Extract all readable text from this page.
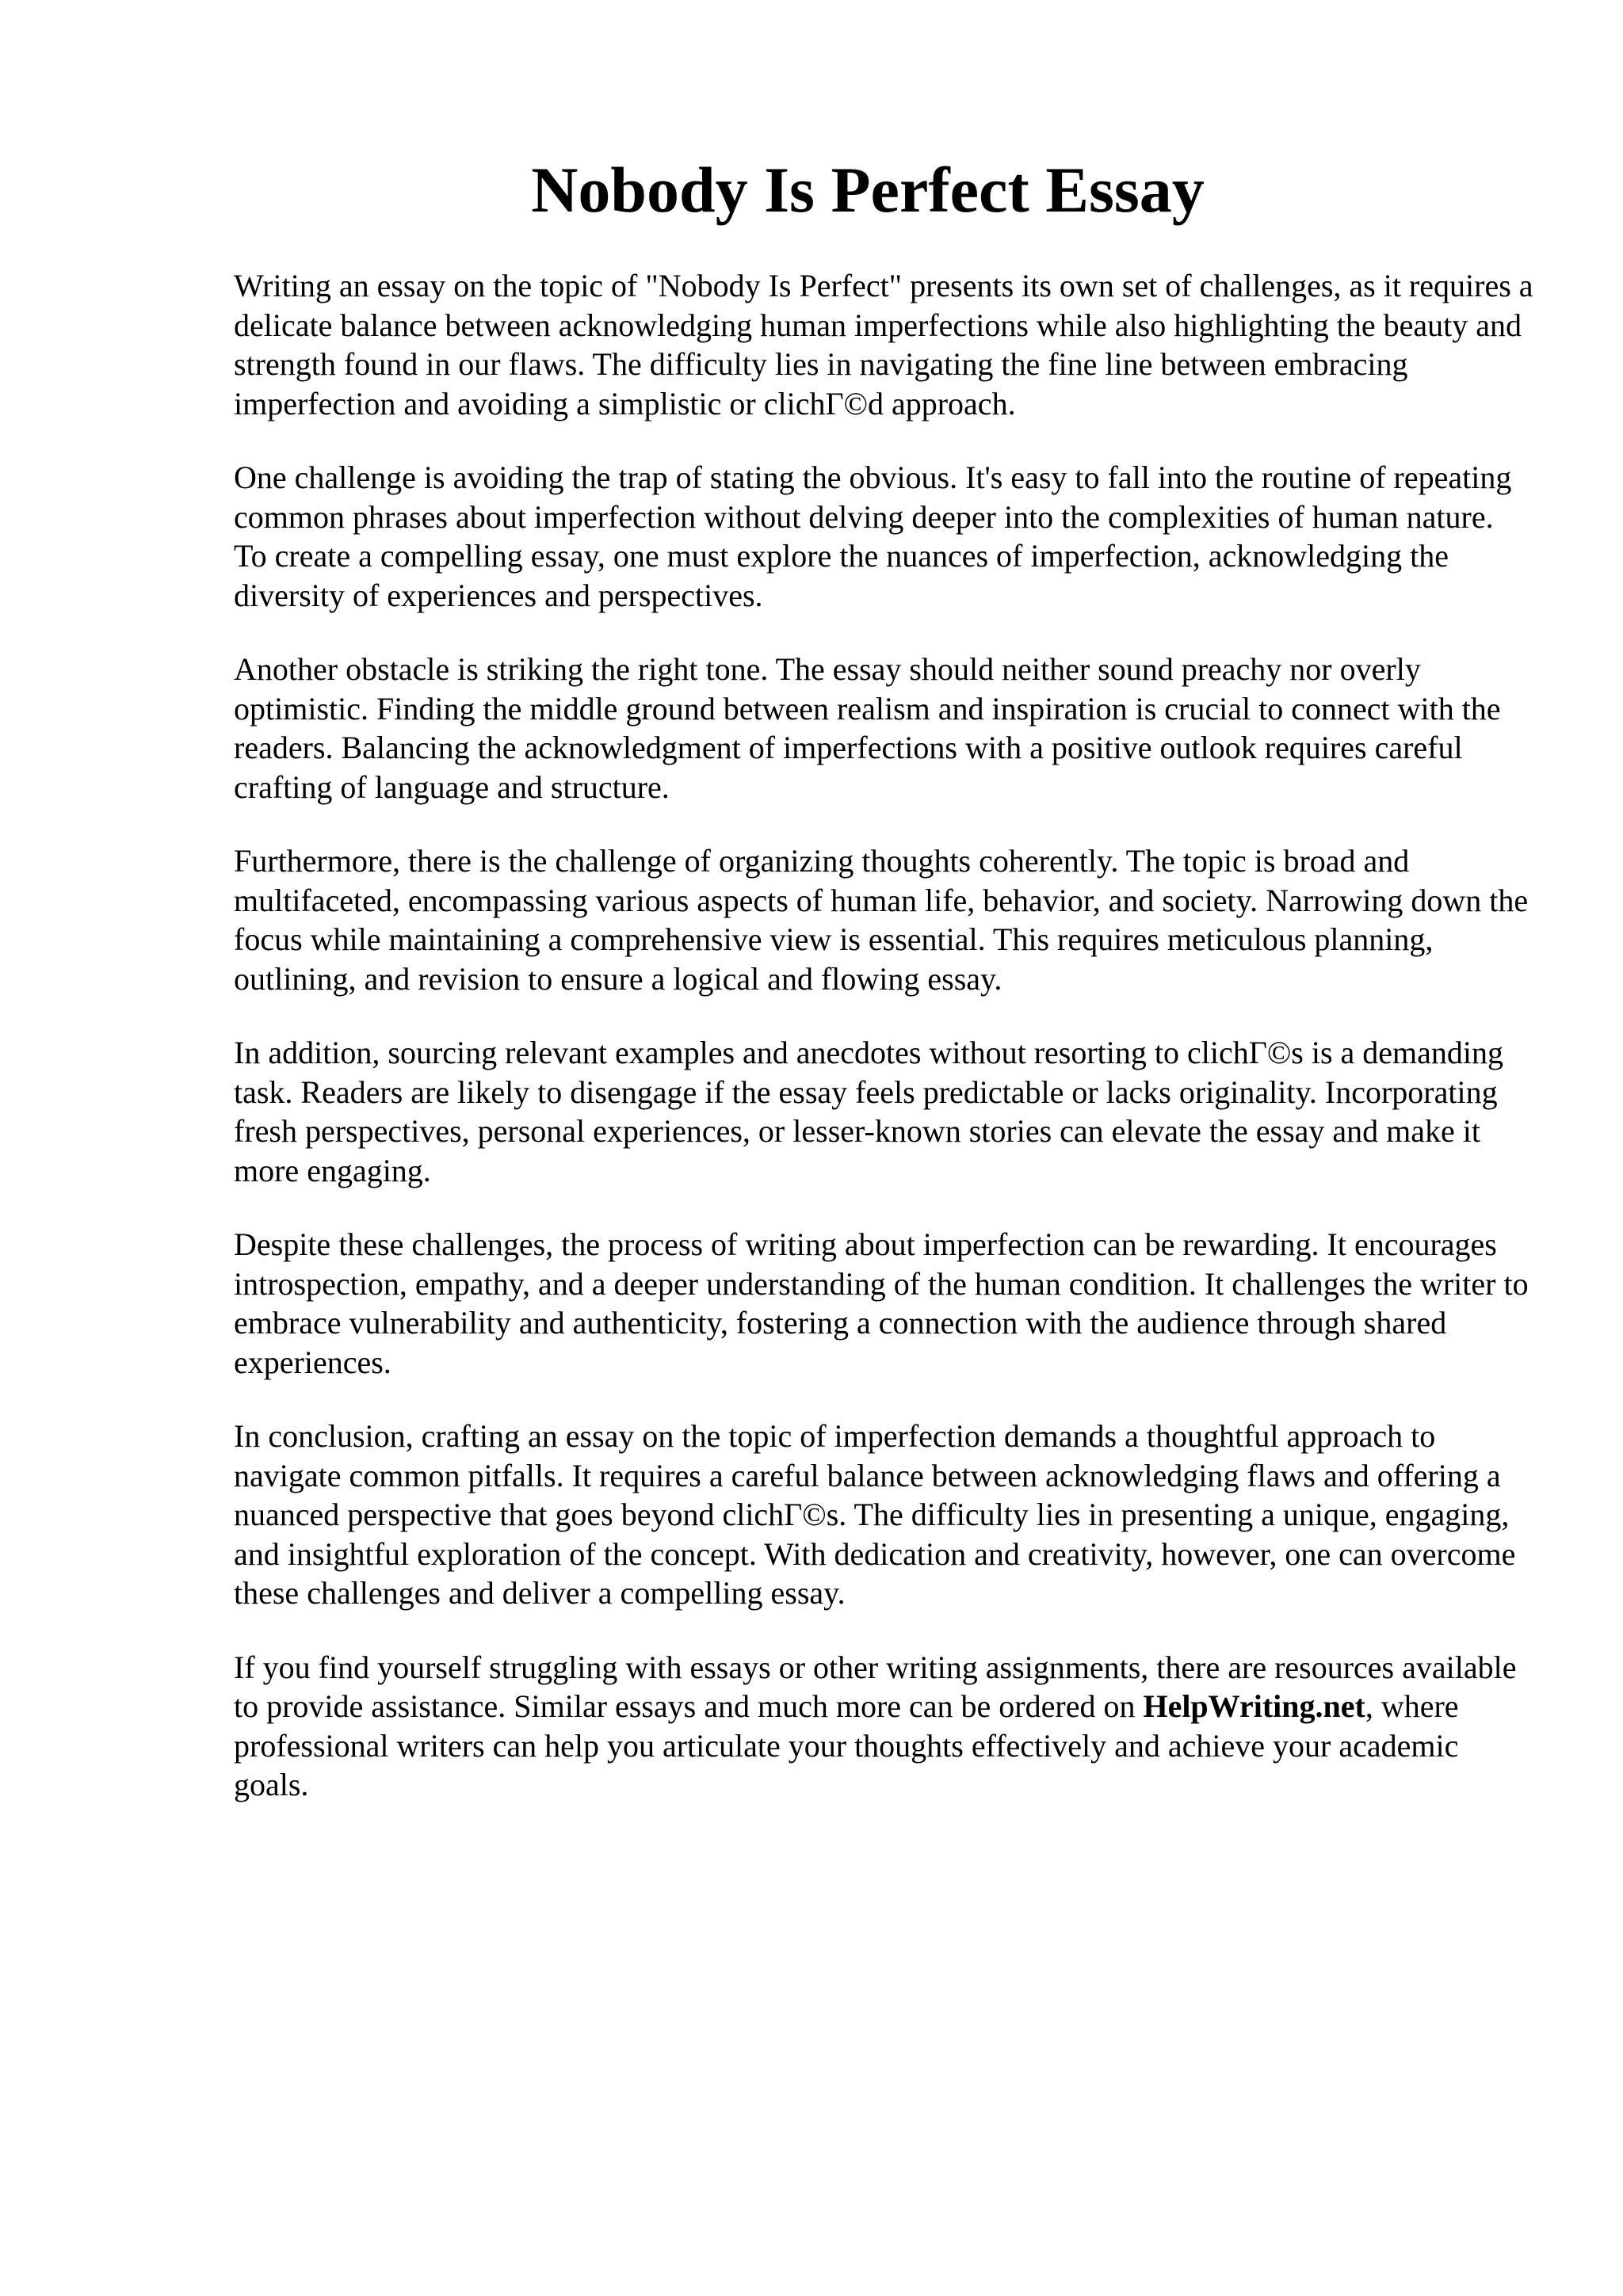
Nobody Is Perfect Essay

Writing an essay on the topic of "Nobody Is Perfect" presents its own set of challenges, as it requires a delicate balance between acknowledging human imperfections while also highlighting the beauty and strength found in our flaws. The difficulty lies in navigating the fine line between embracing imperfection and avoiding a simplistic or clichГ©d approach.

One challenge is avoiding the trap of stating the obvious. It's easy to fall into the routine of repeating common phrases about imperfection without delving deeper into the complexities of human nature. To create a compelling essay, one must explore the nuances of imperfection, acknowledging the diversity of experiences and perspectives.

Another obstacle is striking the right tone. The essay should neither sound preachy nor overly optimistic. Finding the middle ground between realism and inspiration is crucial to connect with the readers. Balancing the acknowledgment of imperfections with a positive outlook requires careful crafting of language and structure.

Furthermore, there is the challenge of organizing thoughts coherently. The topic is broad and multifaceted, encompassing various aspects of human life, behavior, and society. Narrowing down the focus while maintaining a comprehensive view is essential. This requires meticulous planning, outlining, and revision to ensure a logical and flowing essay.

In addition, sourcing relevant examples and anecdotes without resorting to clichГ©s is a demanding task. Readers are likely to disengage if the essay feels predictable or lacks originality. Incorporating fresh perspectives, personal experiences, or lesser-known stories can elevate the essay and make it more engaging.

Despite these challenges, the process of writing about imperfection can be rewarding. It encourages introspection, empathy, and a deeper understanding of the human condition. It challenges the writer to embrace vulnerability and authenticity, fostering a connection with the audience through shared experiences.

In conclusion, crafting an essay on the topic of imperfection demands a thoughtful approach to navigate common pitfalls. It requires a careful balance between acknowledging flaws and offering a nuanced perspective that goes beyond clichГ©s. The difficulty lies in presenting a unique, engaging, and insightful exploration of the concept. With dedication and creativity, however, one can overcome these challenges and deliver a compelling essay.

If you find yourself struggling with essays or other writing assignments, there are resources available to provide assistance. Similar essays and much more can be ordered on HelpWriting.net, where professional writers can help you articulate your thoughts effectively and achieve your academic goals.
